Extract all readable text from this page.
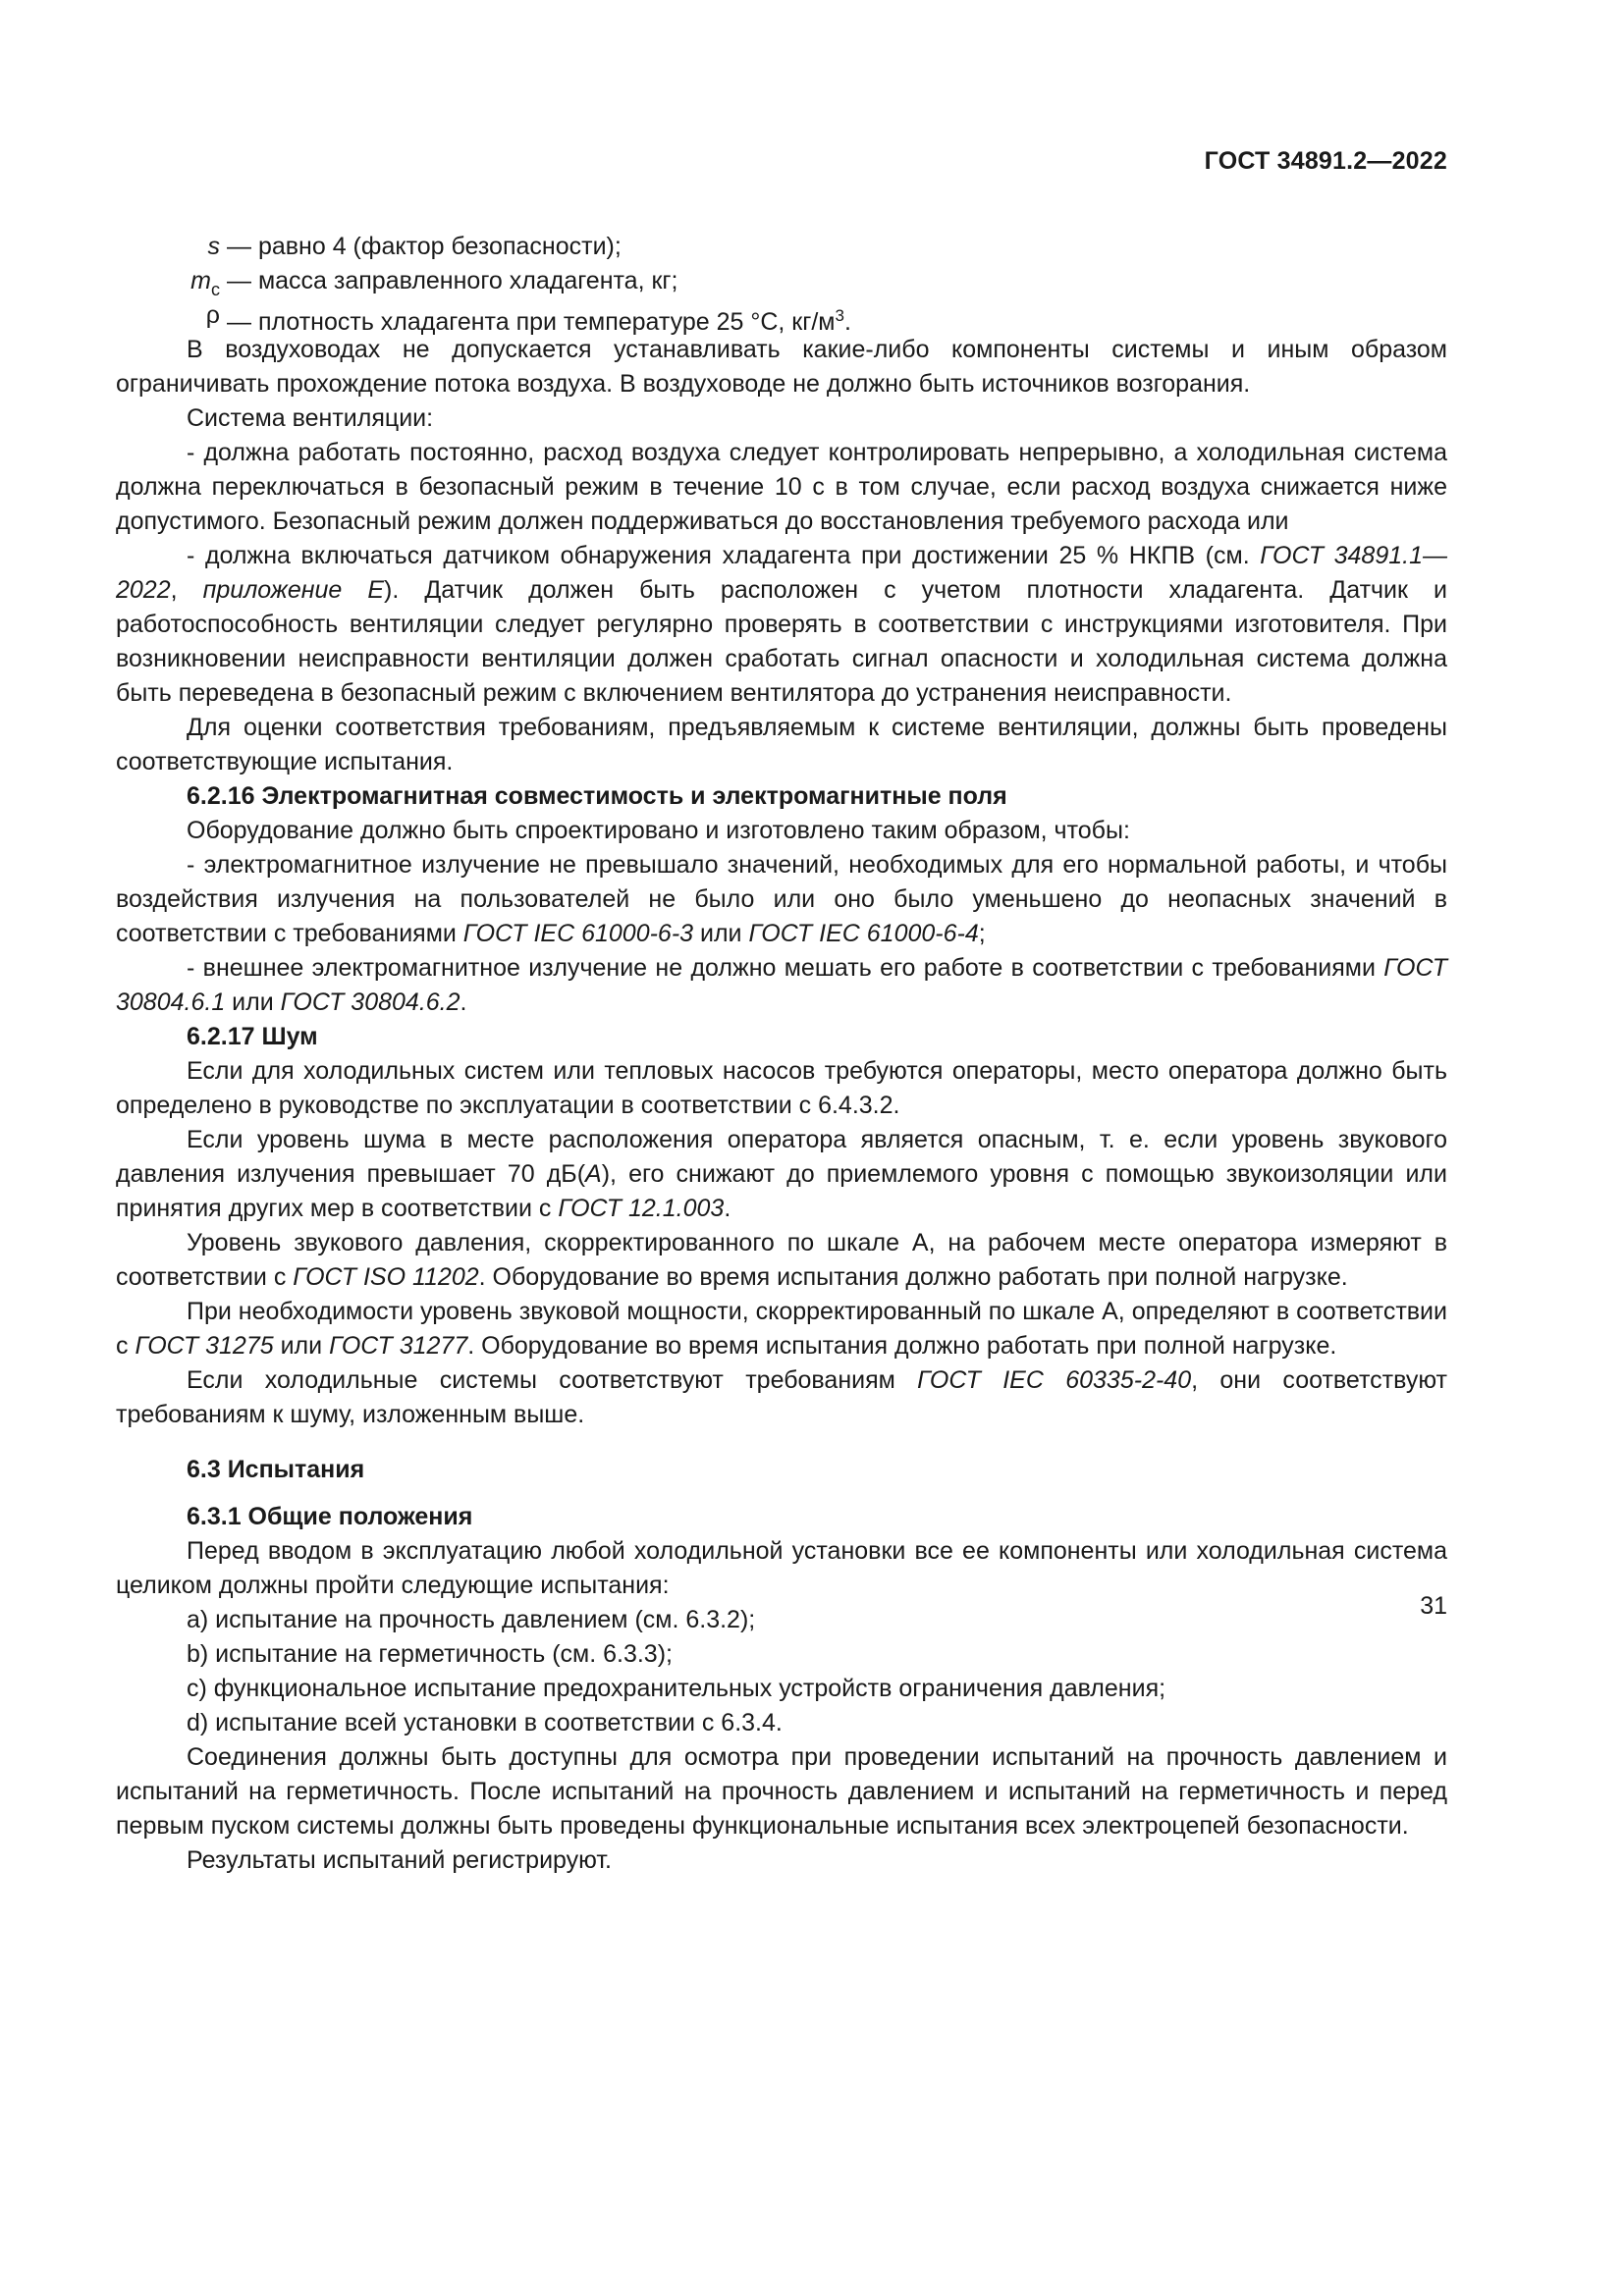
ГОСТ 34891.2—2022
s — равно 4 (фактор безопасности);
$m_c$ — масса заправленного хладагента, кг;
ρ — плотность хладагента при температуре 25 °С, $кг/м^3$.

В воздуховодах не допускается устанавливать какие-либо компоненты системы и иным образом ограничивать прохождение потока воздуха. В воздуховоде не должно быть источников возгорания.

Система вентиляции:

- должна работать постоянно, расход воздуха следует контролировать непрерывно, а холодильная система должна переключаться в безопасный режим в течение 10 с в том случае, если расход воздуха снижается ниже допустимого. Безопасный режим должен поддерживаться до восстановления требуемого расхода или

- должна включаться датчиком обнаружения хладагента при достижении 25 % НКПВ (см. ГОСТ 34891.1—2022, приложение Е). Датчик должен быть расположен с учетом плотности хладагента. Датчик и работоспособность вентиляции следует регулярно проверять в соответствии с инструкциями изготовителя. При возникновении неисправности вентиляции должен сработать сигнал опасности и холодильная система должна быть переведена в безопасный режим с включением вентилятора до устранения неисправности.

Для оценки соответствия требованиям, предъявляемым к системе вентиляции, должны быть проведены соответствующие испытания.

6.2.16 Электромагнитная совместимость и электромагнитные поля

Оборудование должно быть спроектировано и изготовлено таким образом, чтобы:

- электромагнитное излучение не превышало значений, необходимых для его нормальной работы, и чтобы воздействия излучения на пользователей не было или оно было уменьшено до неопасных значений в соответствии с требованиями ГОСТ IEC 61000-6-3 или ГОСТ IEC 61000-6-4;

- внешнее электромагнитное излучение не должно мешать его работе в соответствии с требованиями ГОСТ 30804.6.1 или ГОСТ 30804.6.2.

6.2.17 Шум

Если для холодильных систем или тепловых насосов требуются операторы, место оператора должно быть определено в руководстве по эксплуатации в соответствии с 6.4.3.2.

Если уровень шума в месте расположения оператора является опасным, т. е. если уровень звукового давления излучения превышает 70 дБ(А), его снижают до приемлемого уровня с помощью звукоизоляции или принятия других мер в соответствии с ГОСТ 12.1.003.

Уровень звукового давления, скорректированного по шкале А, на рабочем месте оператора измеряют в соответствии с ГОСТ ISO 11202. Оборудование во время испытания должно работать при полной нагрузке.

При необходимости уровень звуковой мощности, скорректированный по шкале А, определяют в соответствии с ГОСТ 31275 или ГОСТ 31277. Оборудование во время испытания должно работать при полной нагрузке.

Если холодильные системы соответствуют требованиям ГОСТ IEC 60335-2-40, они соответствуют требованиям к шуму, изложенным выше.

6.3 Испытания

6.3.1 Общие положения

Перед вводом в эксплуатацию любой холодильной установки все ее компоненты или холодильная система целиком должны пройти следующие испытания:

а) испытание на прочность давлением (см. 6.3.2);

b) испытание на герметичность (см. 6.3.3);

c) функциональное испытание предохранительных устройств ограничения давления;

d) испытание всей установки в соответствии с 6.3.4.

Соединения должны быть доступны для осмотра при проведении испытаний на прочность давлением и испытаний на герметичность. После испытаний на прочность давлением и испытаний на герметичность и перед первым пуском системы должны быть проведены функциональные испытания всех электроцепей безопасности.

Результаты испытаний регистрируют.

31
